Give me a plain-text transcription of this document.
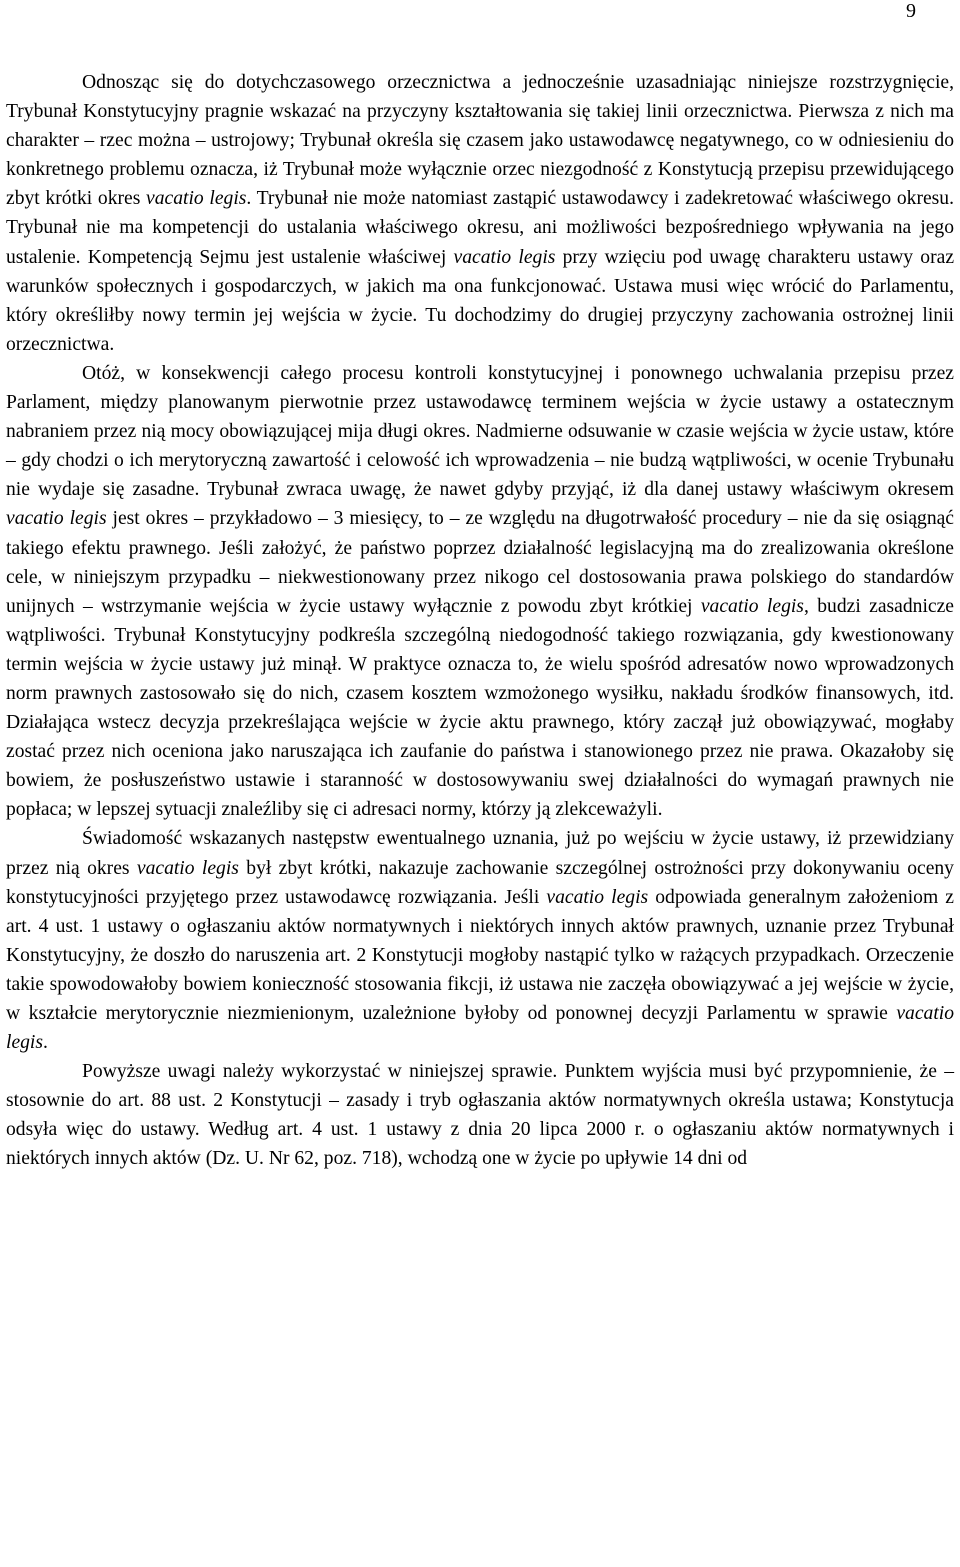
9

Odnosząc się do dotychczasowego orzecznictwa a jednocześnie uzasadniając niniejsze rozstrzygnięcie, Trybunał Konstytucyjny pragnie wskazać na przyczyny kształtowania się takiej linii orzecznictwa. Pierwsza z nich ma charakter – rzec można – ustrojowy; Trybunał określa się czasem jako ustawodawcę negatywnego, co w odniesieniu do konkretnego problemu oznacza, iż Trybunał może wyłącznie orzec niezgodność z Konstytucją przepisu przewidującego zbyt krótki okres vacatio legis. Trybunał nie może natomiast zastąpić ustawodawcy i zadekretować właściwego okresu. Trybunał nie ma kompetencji do ustalania właściwego okresu, ani możliwości bezpośredniego wpływania na jego ustalenie. Kompetencją Sejmu jest ustalenie właściwej vacatio legis przy wzięciu pod uwagę charakteru ustawy oraz warunków społecznych i gospodarczych, w jakich ma ona funkcjonować. Ustawa musi więc wrócić do Parlamentu, który określiłby nowy termin jej wejścia w życie. Tu dochodzimy do drugiej przyczyny zachowania ostrożnej linii orzecznictwa.

Otóż, w konsekwencji całego procesu kontroli konstytucyjnej i ponownego uchwalania przepisu przez Parlament, między planowanym pierwotnie przez ustawodawcę terminem wejścia w życie ustawy a ostatecznym nabraniem przez nią mocy obowiązującej mija długi okres. Nadmierne odsuwanie w czasie wejścia w życie ustaw, które – gdy chodzi o ich merytoryczną zawartość i celowość ich wprowadzenia – nie budzą wątpliwości, w ocenie Trybunału nie wydaje się zasadne. Trybunał zwraca uwagę, że nawet gdyby przyjąć, iż dla danej ustawy właściwym okresem vacatio legis jest okres – przykładowo – 3 miesięcy, to – ze względu na długotrwałość procedury – nie da się osiągnąć takiego efektu prawnego. Jeśli założyć, że państwo poprzez działalność legislacyjną ma do zrealizowania określone cele, w niniejszym przypadku – niekwestionowany przez nikogo cel dostosowania prawa polskiego do standardów unijnych – wstrzymanie wejścia w życie ustawy wyłącznie z powodu zbyt krótkiej vacatio legis, budzi zasadnicze wątpliwości. Trybunał Konstytucyjny podkreśla szczególną niedogodność takiego rozwiązania, gdy kwestionowany termin wejścia w życie ustawy już minął. W praktyce oznacza to, że wielu spośród adresatów nowo wprowadzonych norm prawnych zastosowało się do nich, czasem kosztem wzmożonego wysiłku, nakładu środków finansowych, itd. Działająca wstecz decyzja przekreślająca wejście w życie aktu prawnego, który zaczął już obowiązywać, mogłaby zostać przez nich oceniona jako naruszająca ich zaufanie do państwa i stanowionego przez nie prawa. Okazałoby się bowiem, że posłuszeństwo ustawie i staranność w dostosowywaniu swej działalności do wymagań prawnych nie popłaca; w lepszej sytuacji znaleźliby się ci adresaci normy, którzy ją zlekceważyli.

Świadomość wskazanych następstw ewentualnego uznania, już po wejściu w życie ustawy, iż przewidziany przez nią okres vacatio legis był zbyt krótki, nakazuje zachowanie szczególnej ostrożności przy dokonywaniu oceny konstytucyjności przyjętego przez ustawodawcę rozwiązania. Jeśli vacatio legis odpowiada generalnym założeniom z art. 4 ust. 1 ustawy o ogłaszaniu aktów normatywnych i niektórych innych aktów prawnych, uznanie przez Trybunał Konstytucyjny, że doszło do naruszenia art. 2 Konstytucji mogłoby nastąpić tylko w rażących przypadkach. Orzeczenie takie spowodowałoby bowiem konieczność stosowania fikcji, iż ustawa nie zaczęła obowiązywać a jej wejście w życie, w kształcie merytorycznie niezmienionym, uzależnione byłoby od ponownej decyzji Parlamentu w sprawie vacatio legis.

Powyższe uwagi należy wykorzystać w niniejszej sprawie. Punktem wyjścia musi być przypomnienie, że – stosownie do art. 88 ust. 2 Konstytucji – zasady i tryb ogłaszania aktów normatywnych określa ustawa; Konstytucja odsyła więc do ustawy. Według art. 4 ust. 1 ustawy z dnia 20 lipca 2000 r. o ogłaszaniu aktów normatywnych i niektórych innych aktów (Dz. U. Nr 62, poz. 718), wchodzą one w życie po upływie 14 dni od
